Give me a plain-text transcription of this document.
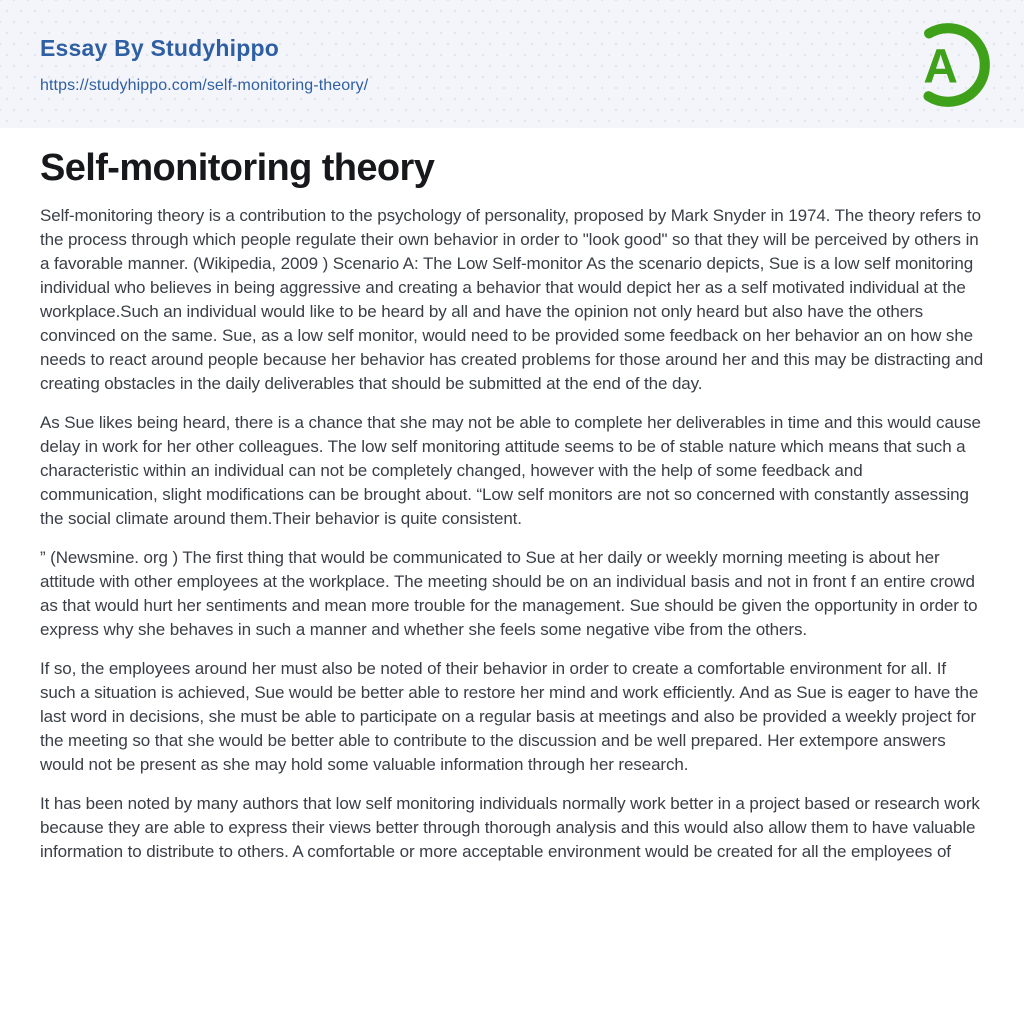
Essay By Studyhippo
https://studyhippo.com/self-monitoring-theory/	A
Self-monitoring theory

Self-monitoring theory is a contribution to the psychology of personality, proposed by Mark Snyder in 1974. The theory refers to the process through which people regulate their own behavior in order to "look good" so that they will be perceived by others in a favorable manner. (Wikipedia, 2009 ) Scenario A: The Low Self-monitor As the scenario depicts, Sue is a low self monitoring individual who believes in being aggressive and creating a behavior that would depict her as a self motivated individual at the workplace.Such an individual would like to be heard by all and have the opinion not only heard but also have the others convinced on the same. Sue, as a low self monitor, would need to be provided some feedback on her behavior an on how she needs to react around people because her behavior has created problems for those around her and this may be distracting and creating obstacles in the daily deliverables that should be submitted at the end of the day.

As Sue likes being heard, there is a chance that she may not be able to complete her deliverables in time and this would cause delay in work for her other colleagues. The low self monitoring attitude seems to be of stable nature which means that such a characteristic within an individual can not be completely changed, however with the help of some feedback and communication, slight modifications can be brought about. “Low self monitors are not so concerned with constantly assessing the social climate around them.Their behavior is quite consistent.

” (Newsmine. org ) The first thing that would be communicated to Sue at her daily or weekly morning meeting is about her attitude with other employees at the workplace. The meeting should be on an individual basis and not in front f an entire crowd as that would hurt her sentiments and mean more trouble for the management. Sue should be given the opportunity in order to express why she behaves in such a manner and whether she feels some negative vibe from the others.

If so, the employees around her must also be noted of their behavior in order to create a comfortable environment for all. If such a situation is achieved, Sue would be better able to restore her mind and work efficiently. And as Sue is eager to have the last word in decisions, she must be able to participate on a regular basis at meetings and also be provided a weekly project for the meeting so that she would be better able to contribute to the discussion and be well prepared. Her extempore answers would not be present as she may hold some valuable information through her research.

It has been noted by many authors that low self monitoring individuals normally work better in a project based or research work because they are able to express their views better through thorough analysis and this would also allow them to have valuable information to distribute to others. A comfortable or more acceptable environment would be created for all the employees of
